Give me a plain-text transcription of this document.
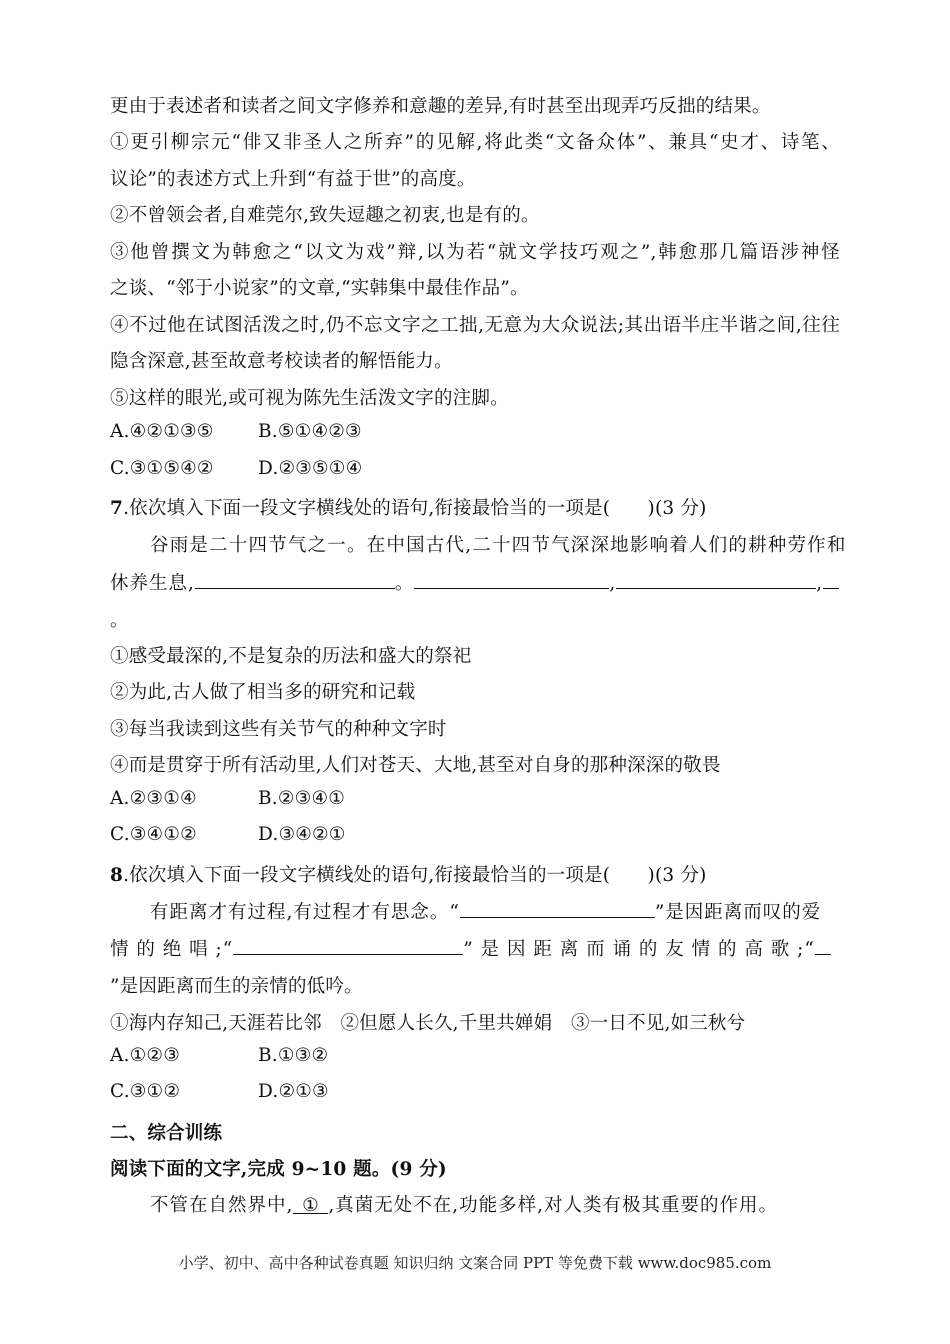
更由于表述者和读者之间文字修养和意趣的差异,有时甚至出现弄巧反拙的结果。
①更引柳宗元“俳又非圣人之所弃”的见解,将此类“文备众体”、兼具“史才、诗笔、
议论”的表述方式上升到“有益于世”的高度。
②不曾领会者,自难莞尔,致失逗趣之初衷,也是有的。
③他曾撰文为韩愈之“以文为戏”辩,以为若“就文学技巧观之”,韩愈那几篇语涉神怪
之谈、“邻于小说家”的文章,“实韩集中最佳作品”。
④不过他在试图活泼之时,仍不忘文字之工拙,无意为大众说法;其出语半庄半谐之间,往往
隐含深意,甚至故意考校读者的解悟能力。
⑤这样的眼光,或可视为陈先生活泼文字的注脚。
A.④②①③⑤ B.⑤①④②③
C.③①⑤④② D.②③⑤①④
7.依次填入下面一段文字横线处的语句,衔接最恰当的一项是(　　)(3 分)
谷雨是二十四节气之一。在中国古代,二十四节气深深地影响着人们的耕种劳作和
休养生息,	。	,	,
。
①感受最深的,不是复杂的历法和盛大的祭祀
②为此,古人做了相当多的研究和记载
③每当我读到这些有关节气的种种文字时
④而是贯穿于所有活动里,人们对苍天、大地,甚至对自身的那种深深的敬畏
A.②③①④	B.②③④①
C.③④①②	D.③④②①
8.依次填入下面一段文字横线处的语句,衔接最恰当的一项是(　　)(3 分)
有距离才有过程,有过程才有思念。“	”是因距离而叹的爱
情 的 绝 唱 ;“	” 是 因 距 离 而 诵 的 友 情 的 高 歌 ;“
”是因距离而生的亲情的低吟。
①海内存知己,天涯若比邻　②但愿人长久,千里共婵娟　③一日不见,如三秋兮
A.①②③	B.①③②
C.③①②	D.②①③
二、综合训练
阅读下面的文字,完成 9~10 题。(9 分)
不管在自然界中, ① ,真菌无处不在,功能多样,对人类有极其重要的作用。
小学、初中、高中各种试卷真题 知识归纳 文案合同 PPT 等免费下载 www.doc985.com
